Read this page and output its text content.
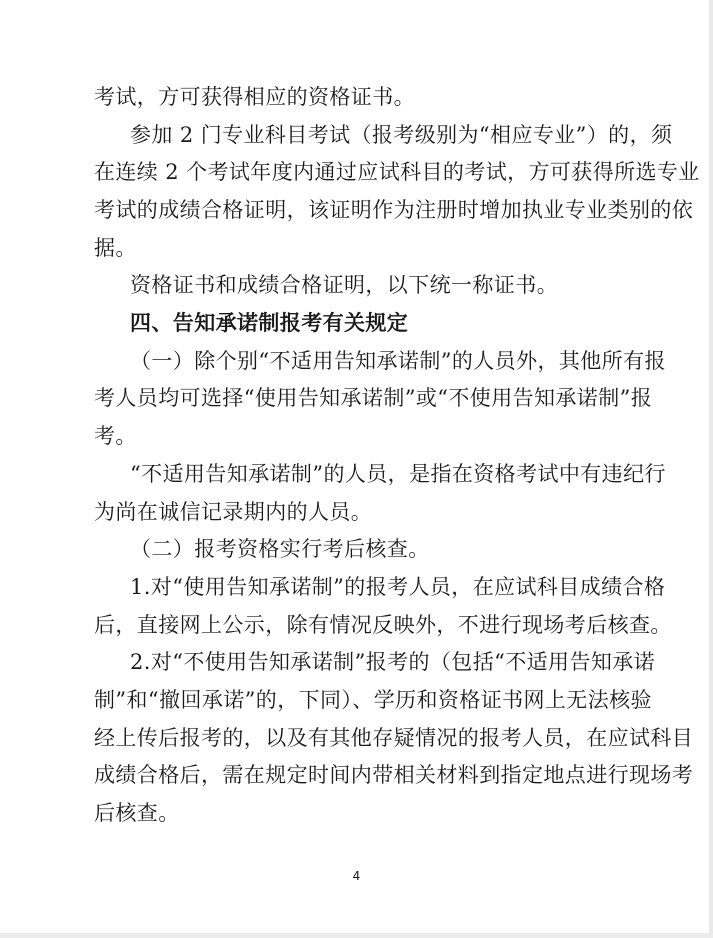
考试，方可获得相应的资格证书。
参加 2 门专业科目考试（报考级别为“相应专业”）的，须
在连续 2 个考试年度内通过应试科目的考试，方可获得所选专业
考试的成绩合格证明，该证明作为注册时增加执业专业类别的依
据。
资格证书和成绩合格证明，以下统一称证书。
四、告知承诺制报考有关规定
（一）除个别“不适用告知承诺制”的人员外，其他所有报
考人员均可选择“使用告知承诺制”或“不使用告知承诺制”报
考。
“不适用告知承诺制”的人员，是指在资格考试中有违纪行
为尚在诚信记录期内的人员。
（二）报考资格实行考后核查。
1.对“使用告知承诺制”的报考人员，在应试科目成绩合格
后，直接网上公示，除有情况反映外，不进行现场考后核查。
2.对“不使用告知承诺制”报考的（包括“不适用告知承诺
制”和“撤回承诺”的，下同）、学历和资格证书网上无法核验
经上传后报考的，以及有其他存疑情况的报考人员，在应试科目
成绩合格后，需在规定时间内带相关材料到指定地点进行现场考
后核查。
4
